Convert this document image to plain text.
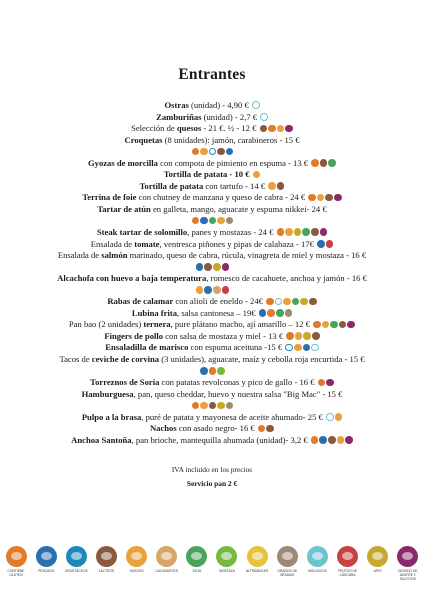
Entrantes
Ostras (unidad) - 4,90 €
Zamburiñas (unidad) - 2,7 €
Selección de quesos - 21 €. ½ - 12 €
Croquetas (8 unidades): jamón, carabineros - 15 €
Gyozas de morcilla con compota de pimiento en espuma - 13 €
Tortilla de patata - 10 €
Tortilla de patata con tartufo - 14 €
Terrina de foie con chutney de manzana y queso de cabra - 24 €
Tartar de atún en galleta, mango, aguacate y espuma nikkei- 24 €
Steak tartar de solomillo, panes y mostazas - 24 €
Ensalada de tomate, ventresca piñones y pipas de calabaza - 17€
Ensalada de salmón marinado, queso de cabra, rúcula, vinagreta de miel y mostaza - 16 €
Alcachofa con huevo a baja temperatura, romesco de cacahuete, anchoa y jamón - 16 €
Rabas de calamar con alioli de eneldo - 24€
Lubina frita, salsa cantonesa – 19€
Pan bao (2 unidades) ternera, pure plátano macho, ají amarillo – 12 €
Fingers de pollo con salsa de mostaza y miel - 13 €
Ensaladilla de marisco con espuma aceituna -15 €
Tacos de ceviche de corvina (3 unidades), aguacate, maíz y cebolla roja encurtida - 15 €
Torreznos de Soria con patatas revolconas y pico de gallo - 16 €
Hamburguesa, pan, queso cheddar, huevo y nuestra salsa "Big Mac" - 15 €
Pulpo a la brasa, puré de patata y mayonesa de aceite ahumado- 25 €
Nachos con asado negro- 16 €
Anchoa Santoña, pan brioche, mantequilla ahumada (unidad)- 3,2 €
IVA incluido en los precios
Servicio pan 2 €
CONTIENE GLUTEN
PESCADO	CRUSTÁCEOS	LÁCTEOS	HUEVOS	CACAHUETES	SOJA	MOSTAZA	ALTRAMUCES	GRANOS DE SÉSAMO
MOLUSCOS	FRUTOS DE CÁSCARA
APIO	DIÓXIDO DE AZUFRE Y SULFITOS
